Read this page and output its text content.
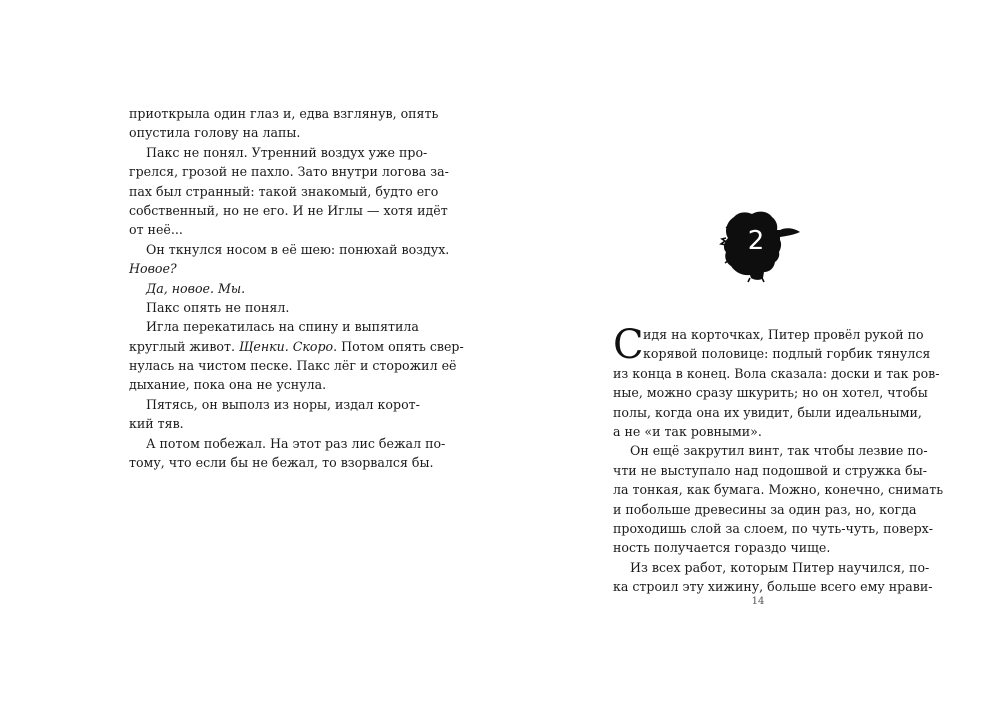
приоткрыла один глаз и, едва взглянув, опять
опустила голову на лапы.
Пакс не понял. Утренний воздух уже про-
грелся, грозой не пахло. Зато внутри логова за-
пах был странный: такой знакомый, будто его
собственный, но не его. И не Иглы — хотя идёт
от неё...
Он ткнулся носом в её шею: понюхай воздух.
Новое?
Да, новое. Мы.
Пакс опять не понял.
Игла перекатилась на спину и выпятила
круглый живот. Щенки. Скоро. Потом опять свер-
нулась на чистом песке. Пакс лёг и сторожил её
дыхание, пока она не уснула.
Пятясь, он выполз из норы, издал корот-
кий тяв.
А потом побежал. На этот раз лис бежал по-
тому, что если бы не бежал, то взорвался бы.
2
С идя на корточках, Питер провёл рукой по
корявой половице: подлый горбик тянулся
из конца в конец. Вола сказала: доски и так ров-
ные, можно сразу шкурить; но он хотел, чтобы
полы, когда она их увидит, были идеальными,
а не «и так ровными».
Он ещё закрутил винт, так чтобы лезвие по-
чти не выступало над подошвой и стружка бы-
ла тонкая, как бумага. Можно, конечно, снимать
и побольше древесины за один раз, но, когда
проходишь слой за слоем, по чуть-чуть, поверх-
ность получается гораздо чище.
Из всех работ, которым Питер научился, по-
ка строил эту хижину, больше всего ему нрави-
14
